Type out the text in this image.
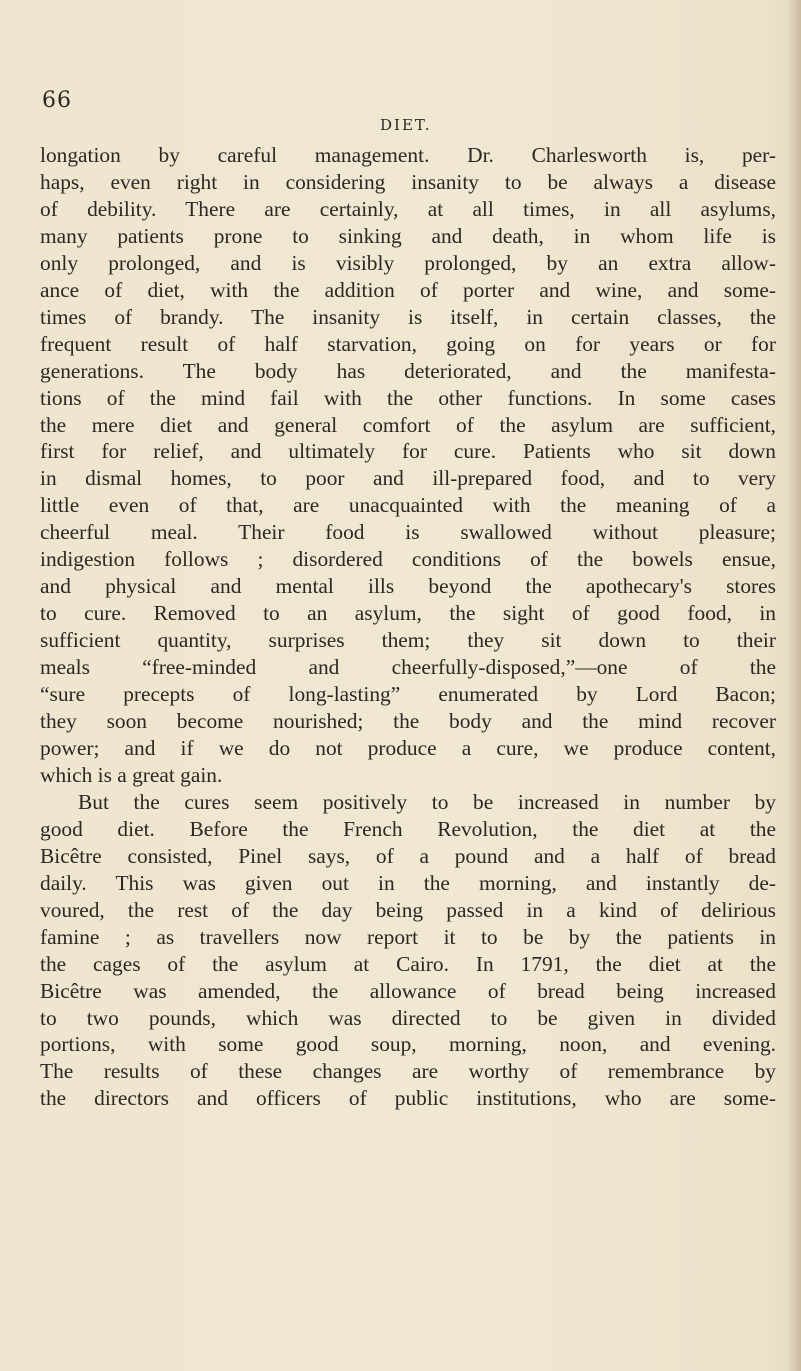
66
DIET.
longation by careful management. Dr. Charlesworth is, per-
haps, even right in considering insanity to be always a disease
of debility. There are certainly, at all times, in all asylums,
many patients prone to sinking and death, in whom life is
only prolonged, and is visibly prolonged, by an extra allow-
ance of diet, with the addition of porter and wine, and some-
times of brandy. The insanity is itself, in certain classes, the
frequent result of half starvation, going on for years or for
generations. The body has deteriorated, and the manifesta-
tions of the mind fail with the other functions. In some cases
the mere diet and general comfort of the asylum are sufficient,
first for relief, and ultimately for cure. Patients who sit down
in dismal homes, to poor and ill-prepared food, and to very
little even of that, are unacquainted with the meaning of a
cheerful meal. Their food is swallowed without pleasure;
indigestion follows ; disordered conditions of the bowels ensue,
and physical and mental ills beyond the apothecary's stores
to cure. Removed to an asylum, the sight of good food, in
sufficient quantity, surprises them; they sit down to their
meals “free-minded and cheerfully-disposed,”—one of the
“sure precepts of long-lasting” enumerated by Lord Bacon;
they soon become nourished; the body and the mind recover
power; and if we do not produce a cure, we produce content,
which is a great gain.
But the cures seem positively to be increased in number by
good diet. Before the French Revolution, the diet at the
Bicêtre consisted, Pinel says, of a pound and a half of bread
daily. This was given out in the morning, and instantly de-
voured, the rest of the day being passed in a kind of delirious
famine ; as travellers now report it to be by the patients in
the cages of the asylum at Cairo. In 1791, the diet at the
Bicêtre was amended, the allowance of bread being increased
to two pounds, which was directed to be given in divided
portions, with some good soup, morning, noon, and evening.
The results of these changes are worthy of remembrance by
the directors and officers of public institutions, who are some-
